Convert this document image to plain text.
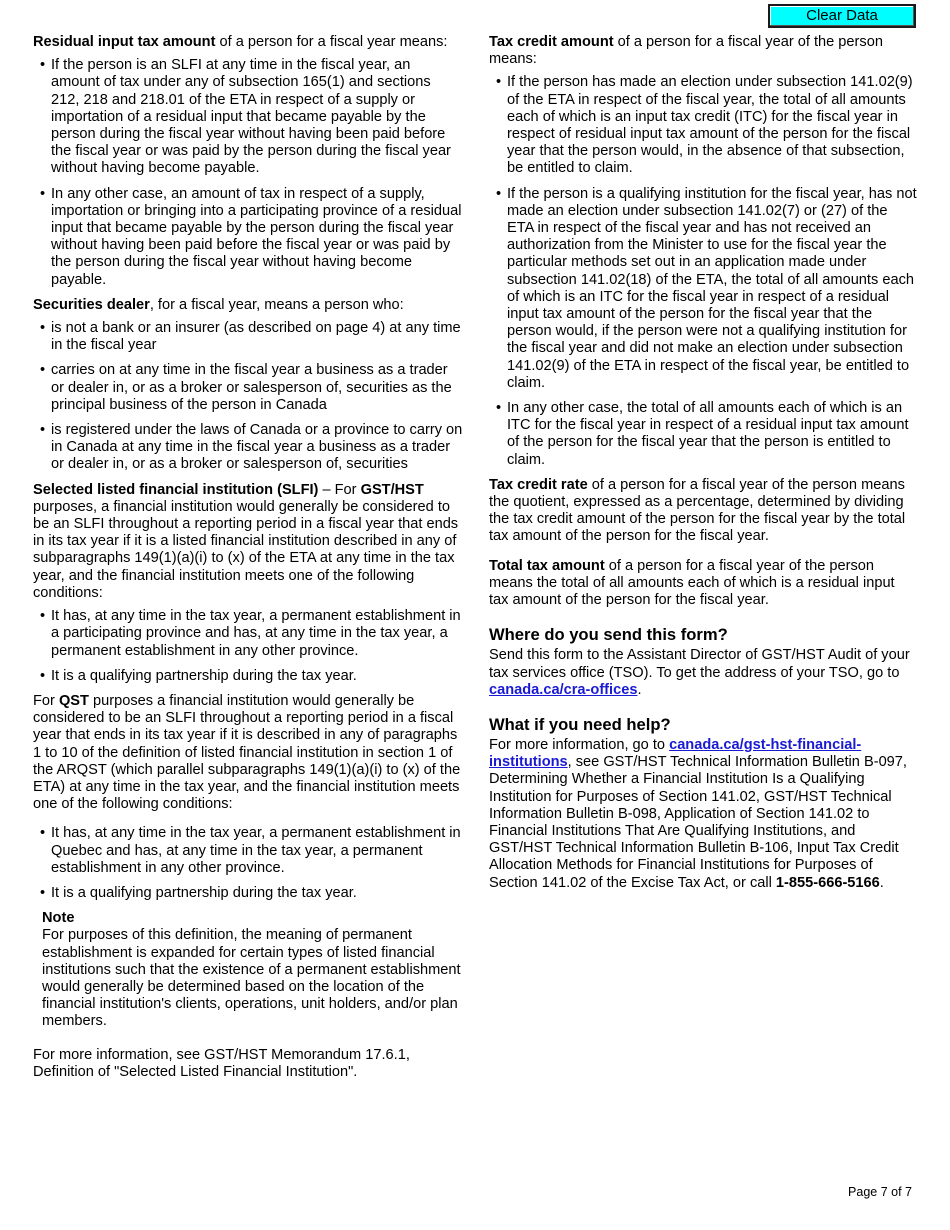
Clear Data

Residual input tax amount of a person for a fiscal year means:

• If the person is an SLFI at any time in the fiscal year, an amount of tax under any of subsection 165(1) and sections 212, 218 and 218.01 of the ETA in respect of a supply or importation of a residual input that became payable by the person during the fiscal year without having been paid before the fiscal year or was paid by the person during the fiscal year without having become payable.
• In any other case, an amount of tax in respect of a supply, importation or bringing into a participating province of a residual input that became payable by the person during the fiscal year without having been paid before the fiscal year or was paid by the person during the fiscal year without having become payable.

Securities dealer, for a fiscal year, means a person who:

• is not a bank or an insurer (as described on page 4) at any time in the fiscal year
• carries on at any time in the fiscal year a business as a trader or dealer in, or as a broker or salesperson of, securities as the principal business of the person in Canada
• is registered under the laws of Canada or a province to carry on in Canada at any time in the fiscal year a business as a trader or dealer in, or as a broker or salesperson of, securities

Selected listed financial institution (SLFI) – For GST/HST purposes, a financial institution would generally be considered to be an SLFI throughout a reporting period in a fiscal year that ends in its tax year if it is a listed financial institution described in any of subparagraphs 149(1)(a)(i) to (x) of the ETA at any time in the tax year, and the financial institution meets one of the following conditions:

• It has, at any time in the tax year, a permanent establishment in a participating province and has, at any time in the tax year, a permanent establishment in any other province.
• It is a qualifying partnership during the tax year.

For QST purposes a financial institution would generally be considered to be an SLFI throughout a reporting period in a fiscal year that ends in its tax year if it is described in any of paragraphs 1 to 10 of the definition of listed financial institution in section 1 of the ARQST (which parallel subparagraphs 149(1)(a)(i) to (x) of the ETA) at any time in the tax year, and the financial institution meets one of the following conditions:

• It has, at any time in the tax year, a permanent establishment in Quebec and has, at any time in the tax year, a permanent establishment in any other province.
• It is a qualifying partnership during the tax year.
Note

For purposes of this definition, the meaning of permanent establishment is expanded for certain types of listed financial institutions such that the existence of a permanent establishment would generally be determined based on the location of the financial institution's clients, operations, unit holders, and/or plan members.

For more information, see GST/HST Memorandum 17.6.1, Definition of "Selected Listed Financial Institution".

Tax credit amount of a person for a fiscal year of the person means:

• If the person has made an election under subsection 141.02(9) of the ETA in respect of the fiscal year, the total of all amounts each of which is an input tax credit (ITC) for the fiscal year in respect of residual input tax amount of the person for the fiscal year that the person would, in the absence of that subsection, be entitled to claim.
• If the person is a qualifying institution for the fiscal year, has not made an election under subsection 141.02(7) or (27) of the ETA in respect of the fiscal year and has not received an authorization from the Minister to use for the fiscal year the particular methods set out in an application made under subsection 141.02(18) of the ETA, the total of all amounts each of which is an ITC for the fiscal year in respect of a residual input tax amount of the person for the fiscal year that the person would, if the person were not a qualifying institution for the fiscal year and did not make an election under subsection 141.02(9) of the ETA in respect of the fiscal year, be entitled to claim.
• In any other case, the total of all amounts each of which is an ITC for the fiscal year in respect of a residual input tax amount of the person for the fiscal year that the person is entitled to claim.

Tax credit rate of a person for a fiscal year of the person means the quotient, expressed as a percentage, determined by dividing the tax credit amount of the person for the fiscal year by the total tax amount of the person for the fiscal year.

Total tax amount of a person for a fiscal year of the person means the total of all amounts each of which is a residual input tax amount of the person for the fiscal year.

Where do you send this form?

Send this form to the Assistant Director of GST/HST Audit of your tax services office (TSO). To get the address of your TSO, go to canada.ca/cra-offices.

What if you need help?

For more information, go to canada.ca/gst-hst-financial-institutions, see GST/HST Technical Information Bulletin B-097, Determining Whether a Financial Institution Is a Qualifying Institution for Purposes of Section 141.02, GST/HST Technical Information Bulletin B-098, Application of Section 141.02 to Financial Institutions That Are Qualifying Institutions, and GST/HST Technical Information Bulletin B-106, Input Tax Credit Allocation Methods for Financial Institutions for Purposes of Section 141.02 of the Excise Tax Act, or call 1-855-666-5166.

Page 7 of 7
